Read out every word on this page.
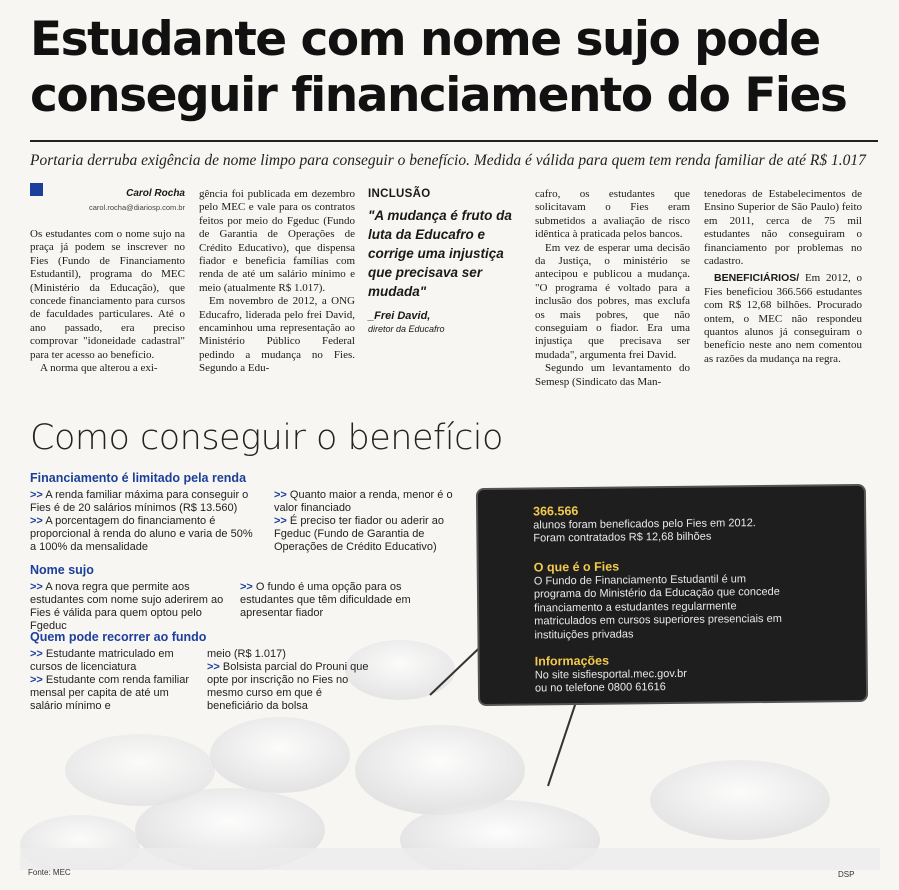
Estudante com nome sujo pode
conseguir financiamento do Fies
Portaria derruba exigência de nome limpo para conseguir o benefício. Medida é válida para quem tem renda familiar de até R$ 1.017
Carol Rocha
carol.rocha@diariosp.com.br

Os estudantes com o nome sujo na praça já podem se inscrever no Fies (Fundo de Financiamento Estudantil), programa do MEC (Ministério da Educação), que concede financiamento para cursos de faculdades particulares. Até o ano passado, era preciso comprovar "idoneidade cadastral" para ter acesso ao benefício.

A norma que alterou a exi-

gência foi publicada em dezembro pelo MEC e vale para os contratos feitos por meio do Fgeduc (Fundo de Garantia de Operações de Crédito Educativo), que dispensa fiador e beneficia famílias com renda de até um salário mínimo e meio (atualmente R$ 1.017).

Em novembro de 2012, a ONG Educafro, liderada pelo frei David, encaminhou uma representação ao Ministério Público Federal pedindo a mudança no Fies. Segundo a Edu-

INCLUSÃO
"A mudança é fruto da luta da Educafro e corrige uma injustiça que precisava ser mudada"
_Frei David,
diretor da Educafro

cafro, os estudantes que solicitavam o Fies eram submetidos a avaliação de risco idêntica à praticada pelos bancos.

Em vez de esperar uma decisão da Justiça, o ministério se antecipou e publicou a mudança. "O programa é voltado para a inclusão dos pobres, mas exclufa os mais pobres, que não conseguiam o fiador. Era uma injustiça que precisava ser mudada", argumenta frei David.

Segundo um levantamento do Semesp (Sindicato das Man-

tenedoras de Estabelecimentos de Ensino Superior de São Paulo) feito em 2011, cerca de 75 mil estudantes não conseguiram o financiamento por problemas no cadastro.

BENEFICIÁRIOS/ Em 2012, o Fies beneficiou 366.566 estudantes com R$ 12,68 bilhões. Procurado ontem, o MEC não respondeu quantos alunos já conseguiram o benefício neste ano nem comentou as razões da mudança na regra.

Como conseguir o benefício
Financiamento é limitado pela renda

>> A renda familiar máxima para conseguir o Fies é de 20 salários mínimos (R$ 13.560)

>> A porcentagem do financiamento é proporcional à renda do aluno e varia de 50% a 100% da mensalidade

>> Quanto maior a renda, menor é o valor financiado

>> É preciso ter fiador ou aderir ao Fgeduc (Fundo de Garantia de Operações de Crédito Educativo)

Nome sujo

>> A nova regra que permite aos estudantes com nome sujo aderirem ao Fies é válida para quem optou pelo Fgeduc

>> O fundo é uma opção para os estudantes que têm dificuldade em apresentar fiador

Quem pode recorrer ao fundo

>> Estudante matriculado em cursos de licenciatura

>> Estudante com renda familiar mensal per capita de até um salário mínimo e

meio (R$ 1.017)

>> Bolsista parcial do Prouni que opte por inscrição no Fies no mesmo curso em que é beneficiário da bolsa

366.566
alunos foram beneficados pelo Fies em 2012.
Foram contratados R$ 12,68 bilhões
O que é o Fies
O Fundo de Financiamento Estudantil é um programa do Ministério da Educação que concede financiamento a estudantes regularmente matriculados em cursos superiores presenciais em instituições privadas
Informações
No site sisfiesportal.mec.gov.br
ou no telefone 0800 61616
Fonte: MEC	DSP
